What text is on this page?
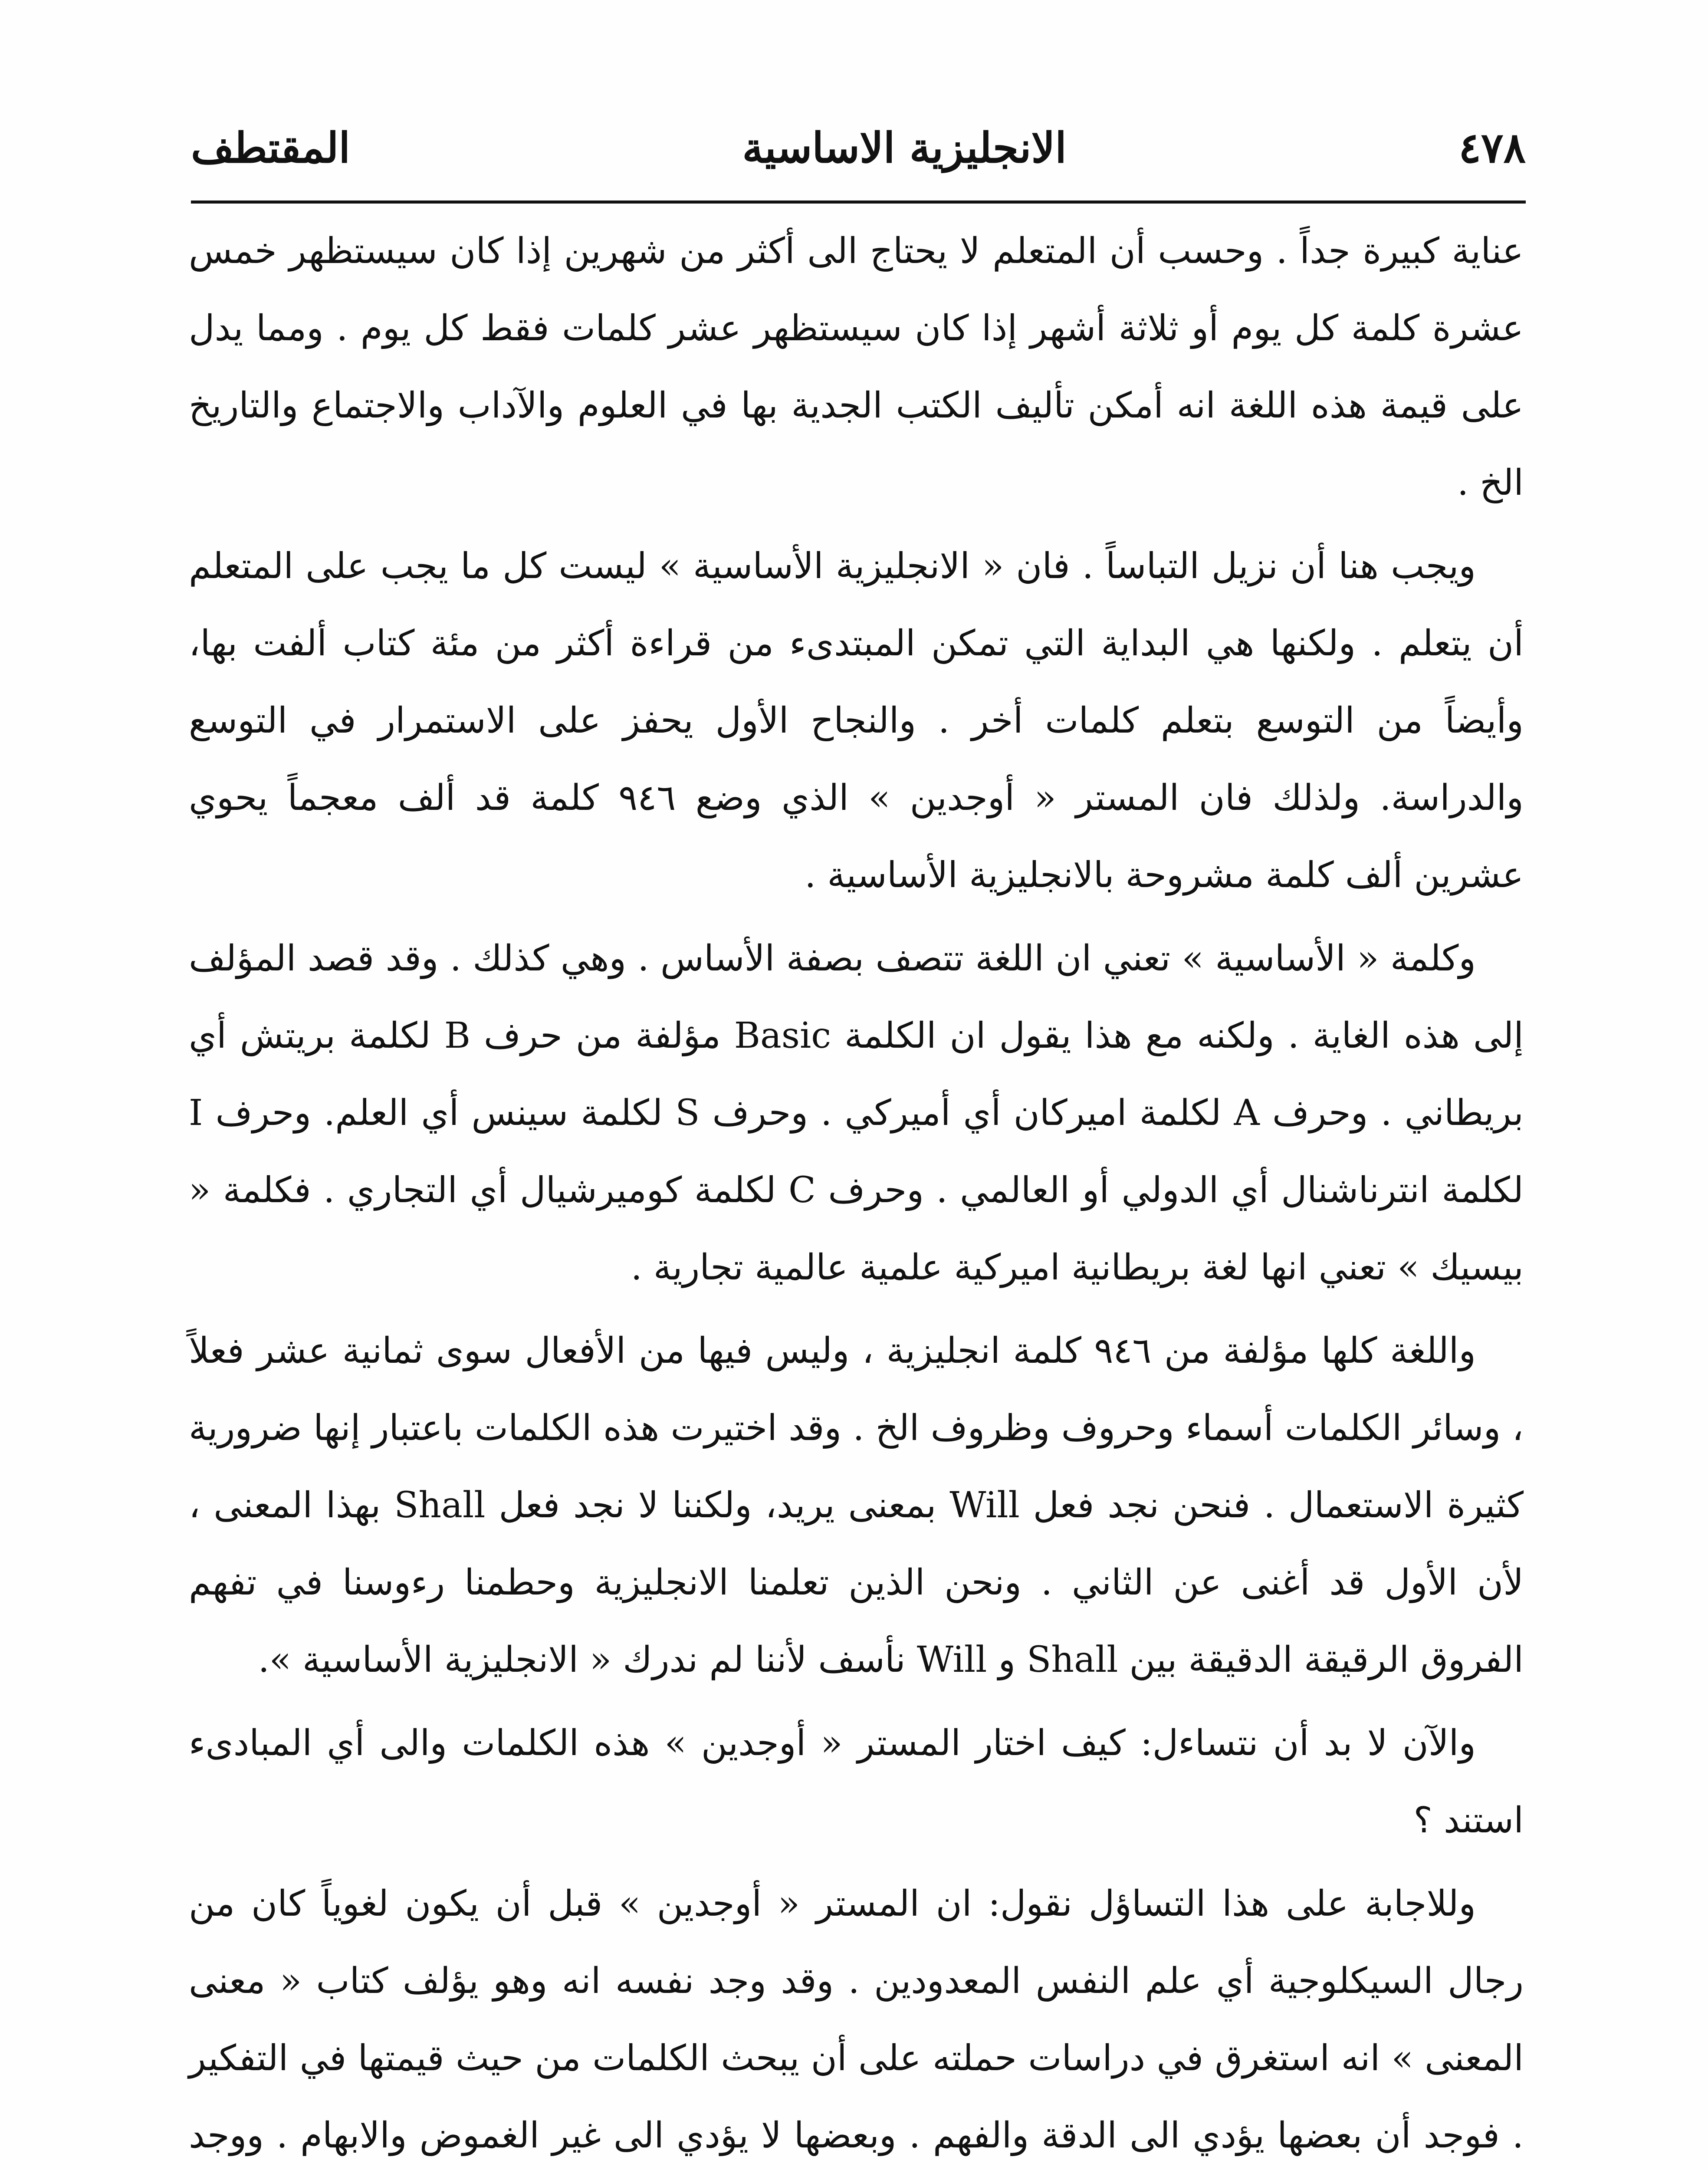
٤٧٨
الانجليزية الاساسية
المقتطف

عناية كبيرة جداً . وحسب أن المتعلم لا يحتاج الى أكثر من شهرين إذا كان سيستظهر خمس عشرة كلمة كل يوم أو ثلاثة أشهر إذا كان سيستظهر عشر كلمات فقط كل يوم . ومما يدل على قيمة هذه اللغة انه أمكن تأليف الكتب الجدية بها في العلوم والآداب والاجتماع والتاريخ الخ .

ويجب هنا أن نزيل التباساً . فان « الانجليزية الأساسية » ليست كل ما يجب على المتعلم أن يتعلم . ولكنها هي البداية التي تمكن المبتدىء من قراءة أكثر من مئة كتاب ألفت بها، وأيضاً من التوسع بتعلم كلمات أخر . والنجاح الأول يحفز على الاستمرار في التوسع والدراسة. ولذلك فان المستر « أوجدين » الذي وضع ٩٤٦ كلمة قد ألف معجماً يحوي عشرين ألف كلمة مشروحة بالانجليزية الأساسية .

وكلمة « الأساسية » تعني ان اللغة تتصف بصفة الأساس . وهي كذلك . وقد قصد المؤلف إلى هذه الغاية . ولكنه مع هذا يقول ان الكلمة Basic مؤلفة من حرف B لكلمة بريتش أي بريطاني . وحرف A لكلمة اميركان أي أميركي . وحرف S لكلمة سينس أي العلم. وحرف I لكلمة انترناشنال أي الدولي أو العالمي . وحرف C لكلمة كوميرشيال أي التجاري . فكلمة « بيسيك » تعني انها لغة بريطانية اميركية علمية عالمية تجارية .

واللغة كلها مؤلفة من ٩٤٦ كلمة انجليزية ، وليس فيها من الأفعال سوى ثمانية عشر فعلاً ، وسائر الكلمات أسماء وحروف وظروف الخ . وقد اختيرت هذه الكلمات باعتبار إنها ضرورية كثيرة الاستعمال . فنحن نجد فعل Will بمعنى يريد، ولكننا لا نجد فعل Shall بهذا المعنى ، لأن الأول قد أغنى عن الثاني . ونحن الذين تعلمنا الانجليزية وحطمنا رءوسنا في تفهم الفروق الرقيقة الدقيقة بين Shall و Will نأسف لأننا لم ندرك « الانجليزية الأساسية ».

والآن لا بد أن نتساءل: كيف اختار المستر « أوجدين » هذه الكلمات والى أي المبادىء استند ؟

وللاجابة على هذا التساؤل نقول: ان المستر « أوجدين » قبل أن يكون لغوياً كان من رجال السيكلوجية أي علم النفس المعدودين . وقد وجد نفسه انه وهو يؤلف كتاب « معنى المعنى » انه استغرق في دراسات حملته على أن يبحث الكلمات من حيث قيمتها في التفكير . فوجد أن بعضها يؤدي الى الدقة والفهم . وبعضها لا يؤدي الى غير الغموض والابهام . ووجد
